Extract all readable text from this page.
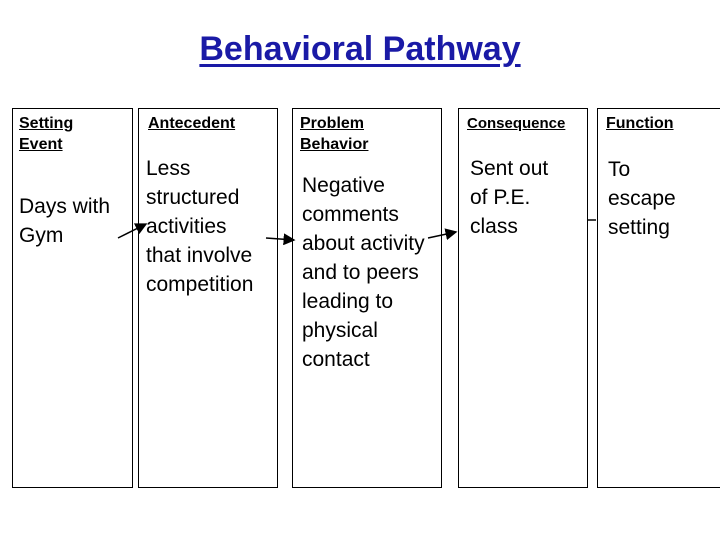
Behavioral Pathway
Setting
Event
Antecedent	Problem
Behavior
Consequence	Function
Days with
Gym
Less
structured
activities
that involve
competition
Negative
comments
about activity
and to peers
leading to
physical
contact
Sent out
of P.E.
class
To
escape
setting
